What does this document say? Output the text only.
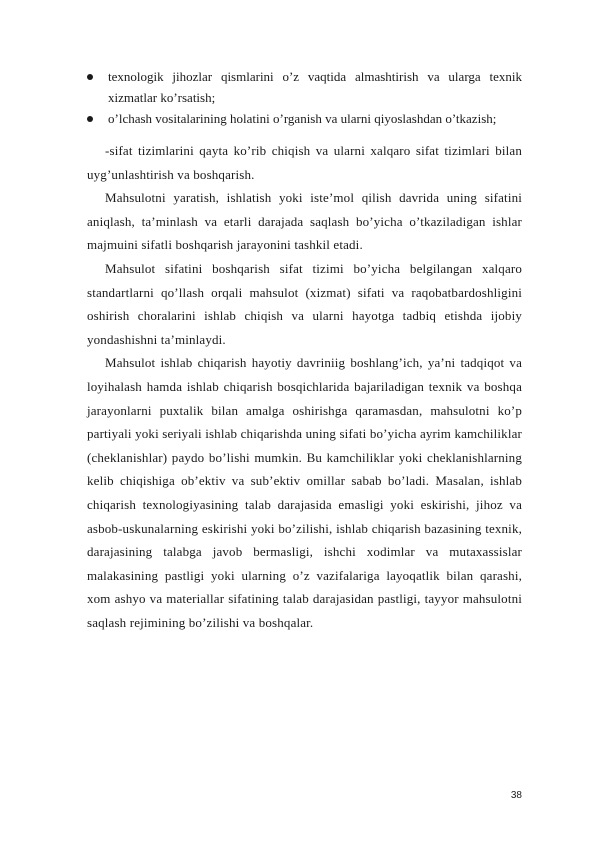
texnologik jihozlar qismlarini o’z vaqtida almashtirish va ularga texnik xizmatlar ko’rsatish;
o’lchash vositalarining holatini o’rganish va ularni qiyoslashdan o’tkazish;

-sifat tizimlarini qayta ko’rib chiqish va ularni xalqaro sifat tizimlari bilan uyg’unlashtirish va boshqarish.

Mahsulotni yaratish, ishlatish yoki iste’mol qilish davrida uning sifatini aniqlash, ta’minlash va etarli darajada saqlash bo’yicha o’tkaziladigan ishlar majmuini sifatli boshqarish jarayonini tashkil etadi.

Mahsulot sifatini boshqarish sifat tizimi bo’yicha belgilangan xalqaro standartlarni qo’llash orqali mahsulot (xizmat) sifati va raqobatbardoshligini oshirish choralarini ishlab chiqish va ularni hayotga tadbiq etishda ijobiy yondashishni ta’minlaydi.

Mahsulot ishlab chiqarish hayotiy davriniig boshlang’ich, ya’ni tadqiqot va loyihalash hamda ishlab chiqarish bosqichlarida bajariladigan texnik va boshqa jarayonlarni puxtalik bilan amalga oshirishga qaramasdan, mahsulotni ko’p partiyali yoki seriyali ishlab chiqarishda uning sifati bo’yicha ayrim kamchiliklar (cheklanishlar) paydo bo’lishi mumkin. Bu kamchiliklar yoki cheklanishlarning kelib chiqishiga ob’ektiv va sub’ektiv omillar sabab bo’ladi. Masalan, ishlab chiqarish texnologiyasining talab darajasida emasligi yoki eskirishi, jihoz va asbob-uskunalarning eskirishi yoki bo’zilishi, ishlab chiqarish bazasining texnik, darajasining talabga javob bermasligi, ishchi xodimlar va mutaxassislar malakasining pastligi yoki ularning o’z vazifalariga layoqatlik bilan qarashi, xom ashyo va materiallar sifatining talab darajasidan pastligi, tayyor mahsulotni saqlash rejimining bo’zilishi va boshqalar.

38
